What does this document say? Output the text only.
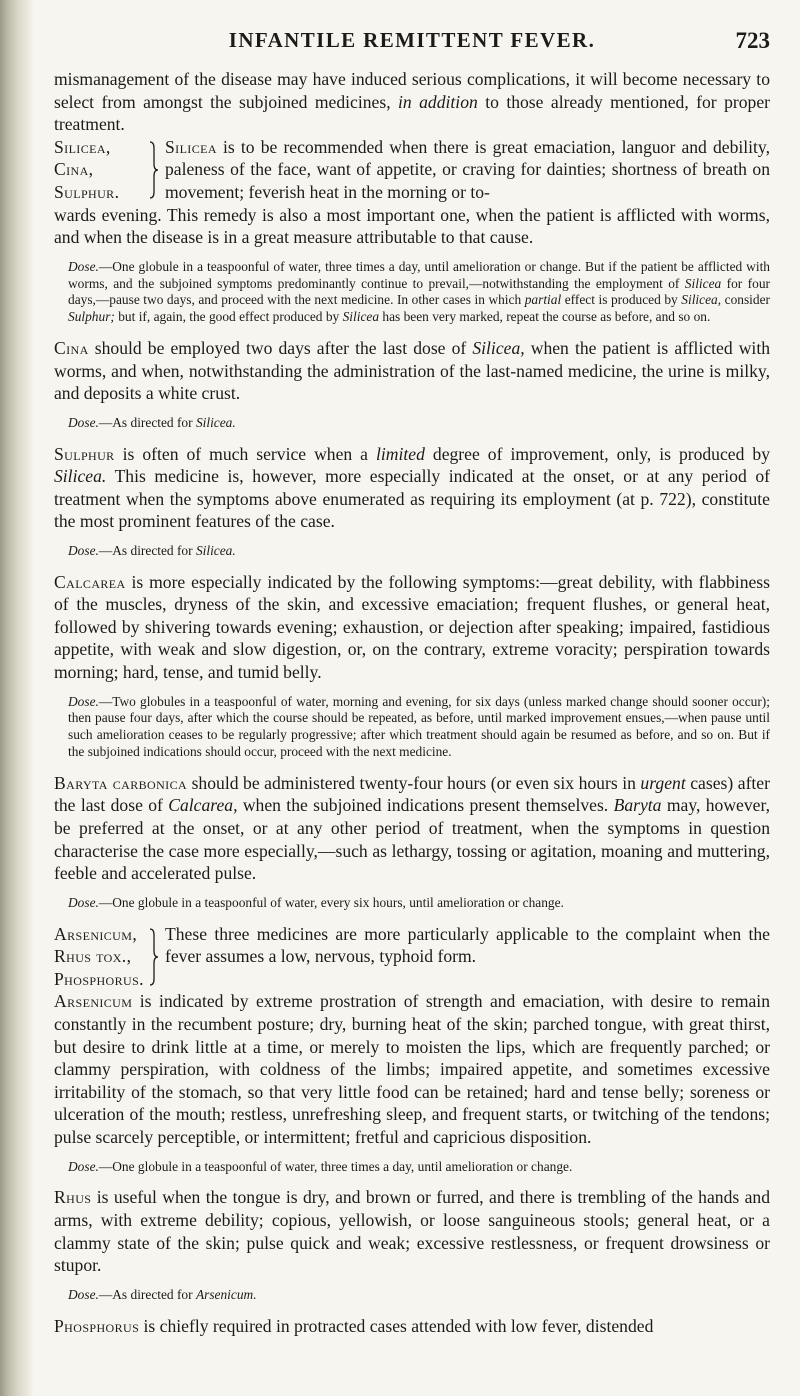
INFANTILE REMITTENT FEVER.	723

mismanagement of the disease may have induced serious complications, it will become necessary to select from amongst the subjoined medicines, in addition to those already mentioned, for proper treatment.

Silicea,
Cina,
Sulphur.
Silicea is to be recommended when there is great emaciation, languor and debility, paleness of the face, want of appetite, or craving for dainties; shortness of breath on movement; feverish heat in the morning or to-

wards evening. This remedy is also a most important one, when the patient is afflicted with worms, and when the disease is in a great measure attributable to that cause.

Dose.—One globule in a teaspoonful of water, three times a day, until amelioration or change. But if the patient be afflicted with worms, and the subjoined symptoms predominantly continue to prevail,—notwithstanding the employment of Silicea for four days,—pause two days, and proceed with the next medicine. In other cases in which partial effect is produced by Silicea, consider Sulphur; but if, again, the good effect produced by Silicea has been very marked, repeat the course as before, and so on.

Cina should be employed two days after the last dose of Silicea, when the patient is afflicted with worms, and when, notwithstanding the administration of the last-named medicine, the urine is milky, and deposits a white crust.

Dose.—As directed for Silicea.

Sulphur is often of much service when a limited degree of improvement, only, is produced by Silicea. This medicine is, however, more especially indicated at the onset, or at any period of treatment when the symptoms above enumerated as requiring its employment (at p. 722), constitute the most prominent features of the case.

Dose.—As directed for Silicea.

Calcarea is more especially indicated by the following symptoms:—great debility, with flabbiness of the muscles, dryness of the skin, and excessive emaciation; frequent flushes, or general heat, followed by shivering towards evening; exhaustion, or dejection after speaking; impaired, fastidious appetite, with weak and slow digestion, or, on the contrary, extreme voracity; perspiration towards morning; hard, tense, and tumid belly.

Dose.—Two globules in a teaspoonful of water, morning and evening, for six days (unless marked change should sooner occur); then pause four days, after which the course should be repeated, as before, until marked improvement ensues,—when pause until such amelioration ceases to be regularly progressive; after which treatment should again be resumed as before, and so on. But if the subjoined indications should occur, proceed with the next medicine.

Baryta carbonica should be administered twenty-four hours (or even six hours in urgent cases) after the last dose of Calcarea, when the subjoined indications present themselves. Baryta may, however, be preferred at the onset, or at any other period of treatment, when the symptoms in question characterise the case more especially,—such as lethargy, tossing or agitation, moaning and muttering, feeble and accelerated pulse.

Dose.—One globule in a teaspoonful of water, every six hours, until amelioration or change.

Arsenicum,
Rhus tox.,
Phosphorus.
These three medicines are more particularly applicable to the complaint when the fever assumes a low, nervous, typhoid form.

Arsenicum is indicated by extreme prostration of strength and emaciation, with desire to remain constantly in the recumbent posture; dry, burning heat of the skin; parched tongue, with great thirst, but desire to drink little at a time, or merely to moisten the lips, which are frequently parched; or clammy perspiration, with coldness of the limbs; impaired appetite, and sometimes excessive irritability of the stomach, so that very little food can be retained; hard and tense belly; soreness or ulceration of the mouth; restless, unrefreshing sleep, and frequent starts, or twitching of the tendons; pulse scarcely perceptible, or intermittent; fretful and capricious disposition.

Dose.—One globule in a teaspoonful of water, three times a day, until amelioration or change.

Rhus is useful when the tongue is dry, and brown or furred, and there is trembling of the hands and arms, with extreme debility; copious, yellowish, or loose sanguineous stools; general heat, or a clammy state of the skin; pulse quick and weak; excessive restlessness, or frequent drowsiness or stupor.

Dose.—As directed for Arsenicum.

Phosphorus is chiefly required in protracted cases attended with low fever, distended
